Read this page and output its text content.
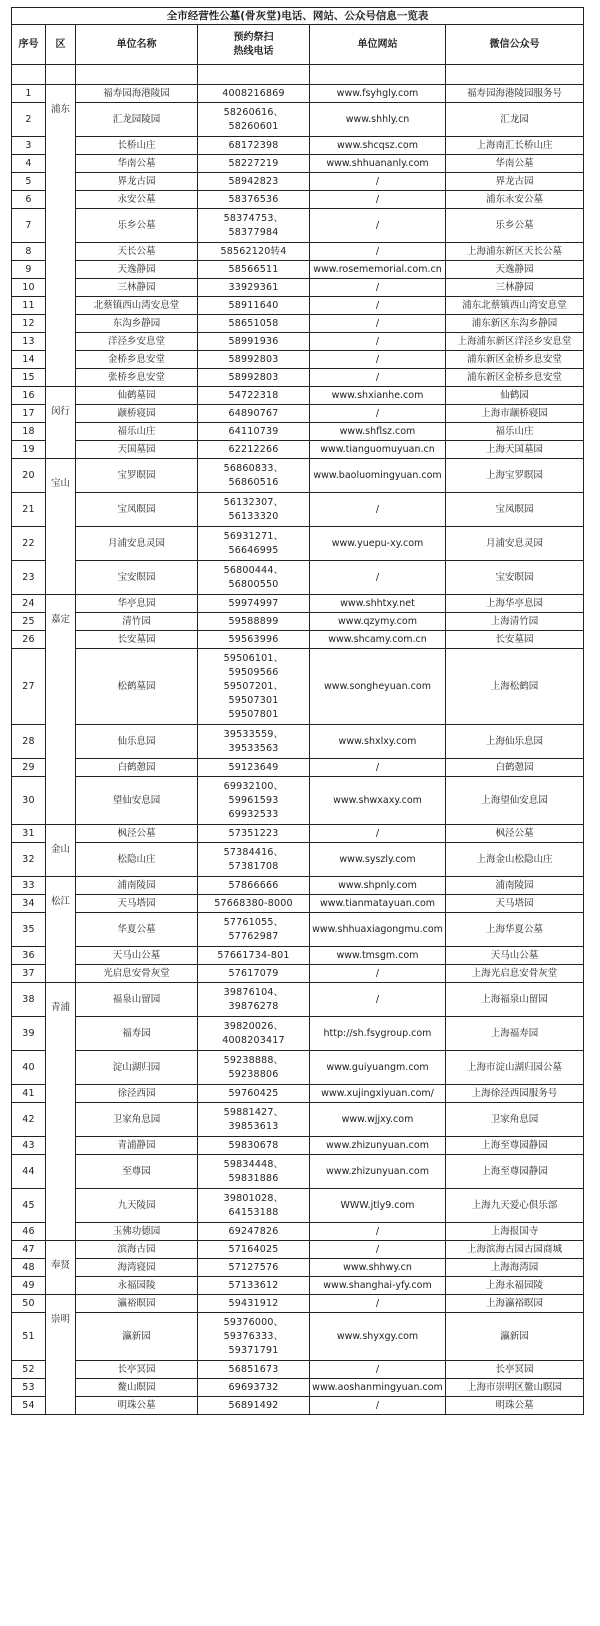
全市经营性公墓(骨灰堂)电话、网站、公众号信息一览表					
序号	区	单位名称	预约祭扫
热线电话	单位网站	微信公众号

1	浦东	福寿园海港陵园	4008216869	www.fsyhgly.com	福寿园海港陵园服务号
2		汇龙园陵园	58260616、
58260601	www.shhly.cn	汇龙园
3		长桥山庄	68172398	www.shcqsz.com	上海南汇长桥山庄
4		华南公墓	58227219	www.shhuananly.com	华南公墓
5		界龙古园	58942823	/	界龙古园
6		永安公墓	58376536	/	浦东永安公墓
7		乐乡公墓	58374753、
58377984	/	乐乡公墓
8		天长公墓	58562120转4	/	上海浦东新区天长公墓
9		天逸静园	58566511	www.rosememorial.com.cn	天逸静园
10		三林静园	33929361	/	三林静园
11		北蔡镇西山湾安息堂	58911640	/	浦东北蔡镇西山湾安息堂
12		东沟乡静园	58651058	/	浦东新区东沟乡静园
13		洋泾乡安息堂	58991936	/	上海浦东新区洋泾乡安息堂
14		金桥乡息安堂	58992803	/	浦东新区金桥乡息安堂
15		张桥乡息安堂	58992803	/	浦东新区金桥乡息安堂
16	闵行	仙鹤墓园	54722318	www.shxianhe.com	仙鹤园
17		颛桥寝园	64890767	/	上海市颛桥寝园
18		福乐山庄	64110739	www.shflsz.com	福乐山庄
19		天国墓园	62212266	www.tianguomuyuan.cn	上海天国墓园
20	宝山	宝罗瞑园	56860833、
56860516	www.baoluomingyuan.com	上海宝罗瞑园
21		宝凤瞑园	56132307、
56133320	/	宝凤瞑园
22		月浦安息灵园	56931271、
56646995	www.yuepu-xy.com	月浦安息灵园
23		宝安瞑园	56800444、
56800550	/	宝安瞑园
24	嘉定	华亭息园	59974997	www.shhtxy.net	上海华亭息园
25		清竹园	59588899	www.qzymy.com	上海清竹园
26		长安墓园	59563996	www.shcamy.com.cn	长安墓园
27		松鹤墓园	59506101、
59509566
59507201、
59507301
59507801	www.songheyuan.com	上海松鹤园
28		仙乐息园	39533559、
39533563	www.shxlxy.com	上海仙乐息园
29		白鹤憩园	59123649	/	白鹤憩园
30		望仙安息园	69932100、
59961593
69932533	www.shwxaxy.com	上海望仙安息园
31	金山	枫泾公墓	57351223	/	枫泾公墓
32		松隐山庄	57384416、
57381708	www.syszly.com	上海金山松隐山庄
33	松江	浦南陵园	57866666	www.shpnly.com	浦南陵园
34		天马塔园	57668380-8000	www.tianmatayuan.com	天马塔园
35		华夏公墓	57761055、
57762987	www.shhuaxiagongmu.com	上海华夏公墓
36		天马山公墓	57661734-801	www.tmsgm.com	天马山公墓
37		光启息安骨灰堂	57617079	/	上海光启息安骨灰堂
38	青浦	福泉山留园	39876104、
39876278	/	上海福泉山留园
39		福寿园	39820026、
4008203417	http://sh.fsygroup.com	上海福寿园
40		淀山湖归园	59238888、
59238806	www.guiyuangm.com	上海市淀山湖归园公墓
41		徐泾西园	59760425	www.xujingxiyuan.com/	上海徐泾西园服务号
42		卫家角息园	59881427、
39853613	www.wjjxy.com	卫家角息园
43		青浦静园	59830678	www.zhizunyuan.com	上海至尊园静园
44		至尊园	59834448、
59831886	www.zhizunyuan.com	上海至尊园静园
45		九天陵园	39801028、
64153188	WWW.jtly9.com	上海九天爱心俱乐部
46		玉佛功德园	69247826	/	上海报国寺
47	奉贤	滨海古园	57164025	/	上海滨海古园古园商城
48		海湾寝园	57127576	www.shhwy.cn	上海海湾园
49		永福园陵	57133612	www.shanghai-yfy.com	上海永福园陵
50	崇明	瀛裕瞑园	59431912	/	上海瀛裕瞑园
51		瀛新园	59376000、
59376333、
59371791	www.shyxgy.com	瀛新园
52		长亭冥园	56851673	/	长亭冥园
53		鳌山瞑园	69693732	www.aoshanmingyuan.com	上海市崇明区鳌山瞑园
54		明珠公墓	56891492	/	明珠公墓
